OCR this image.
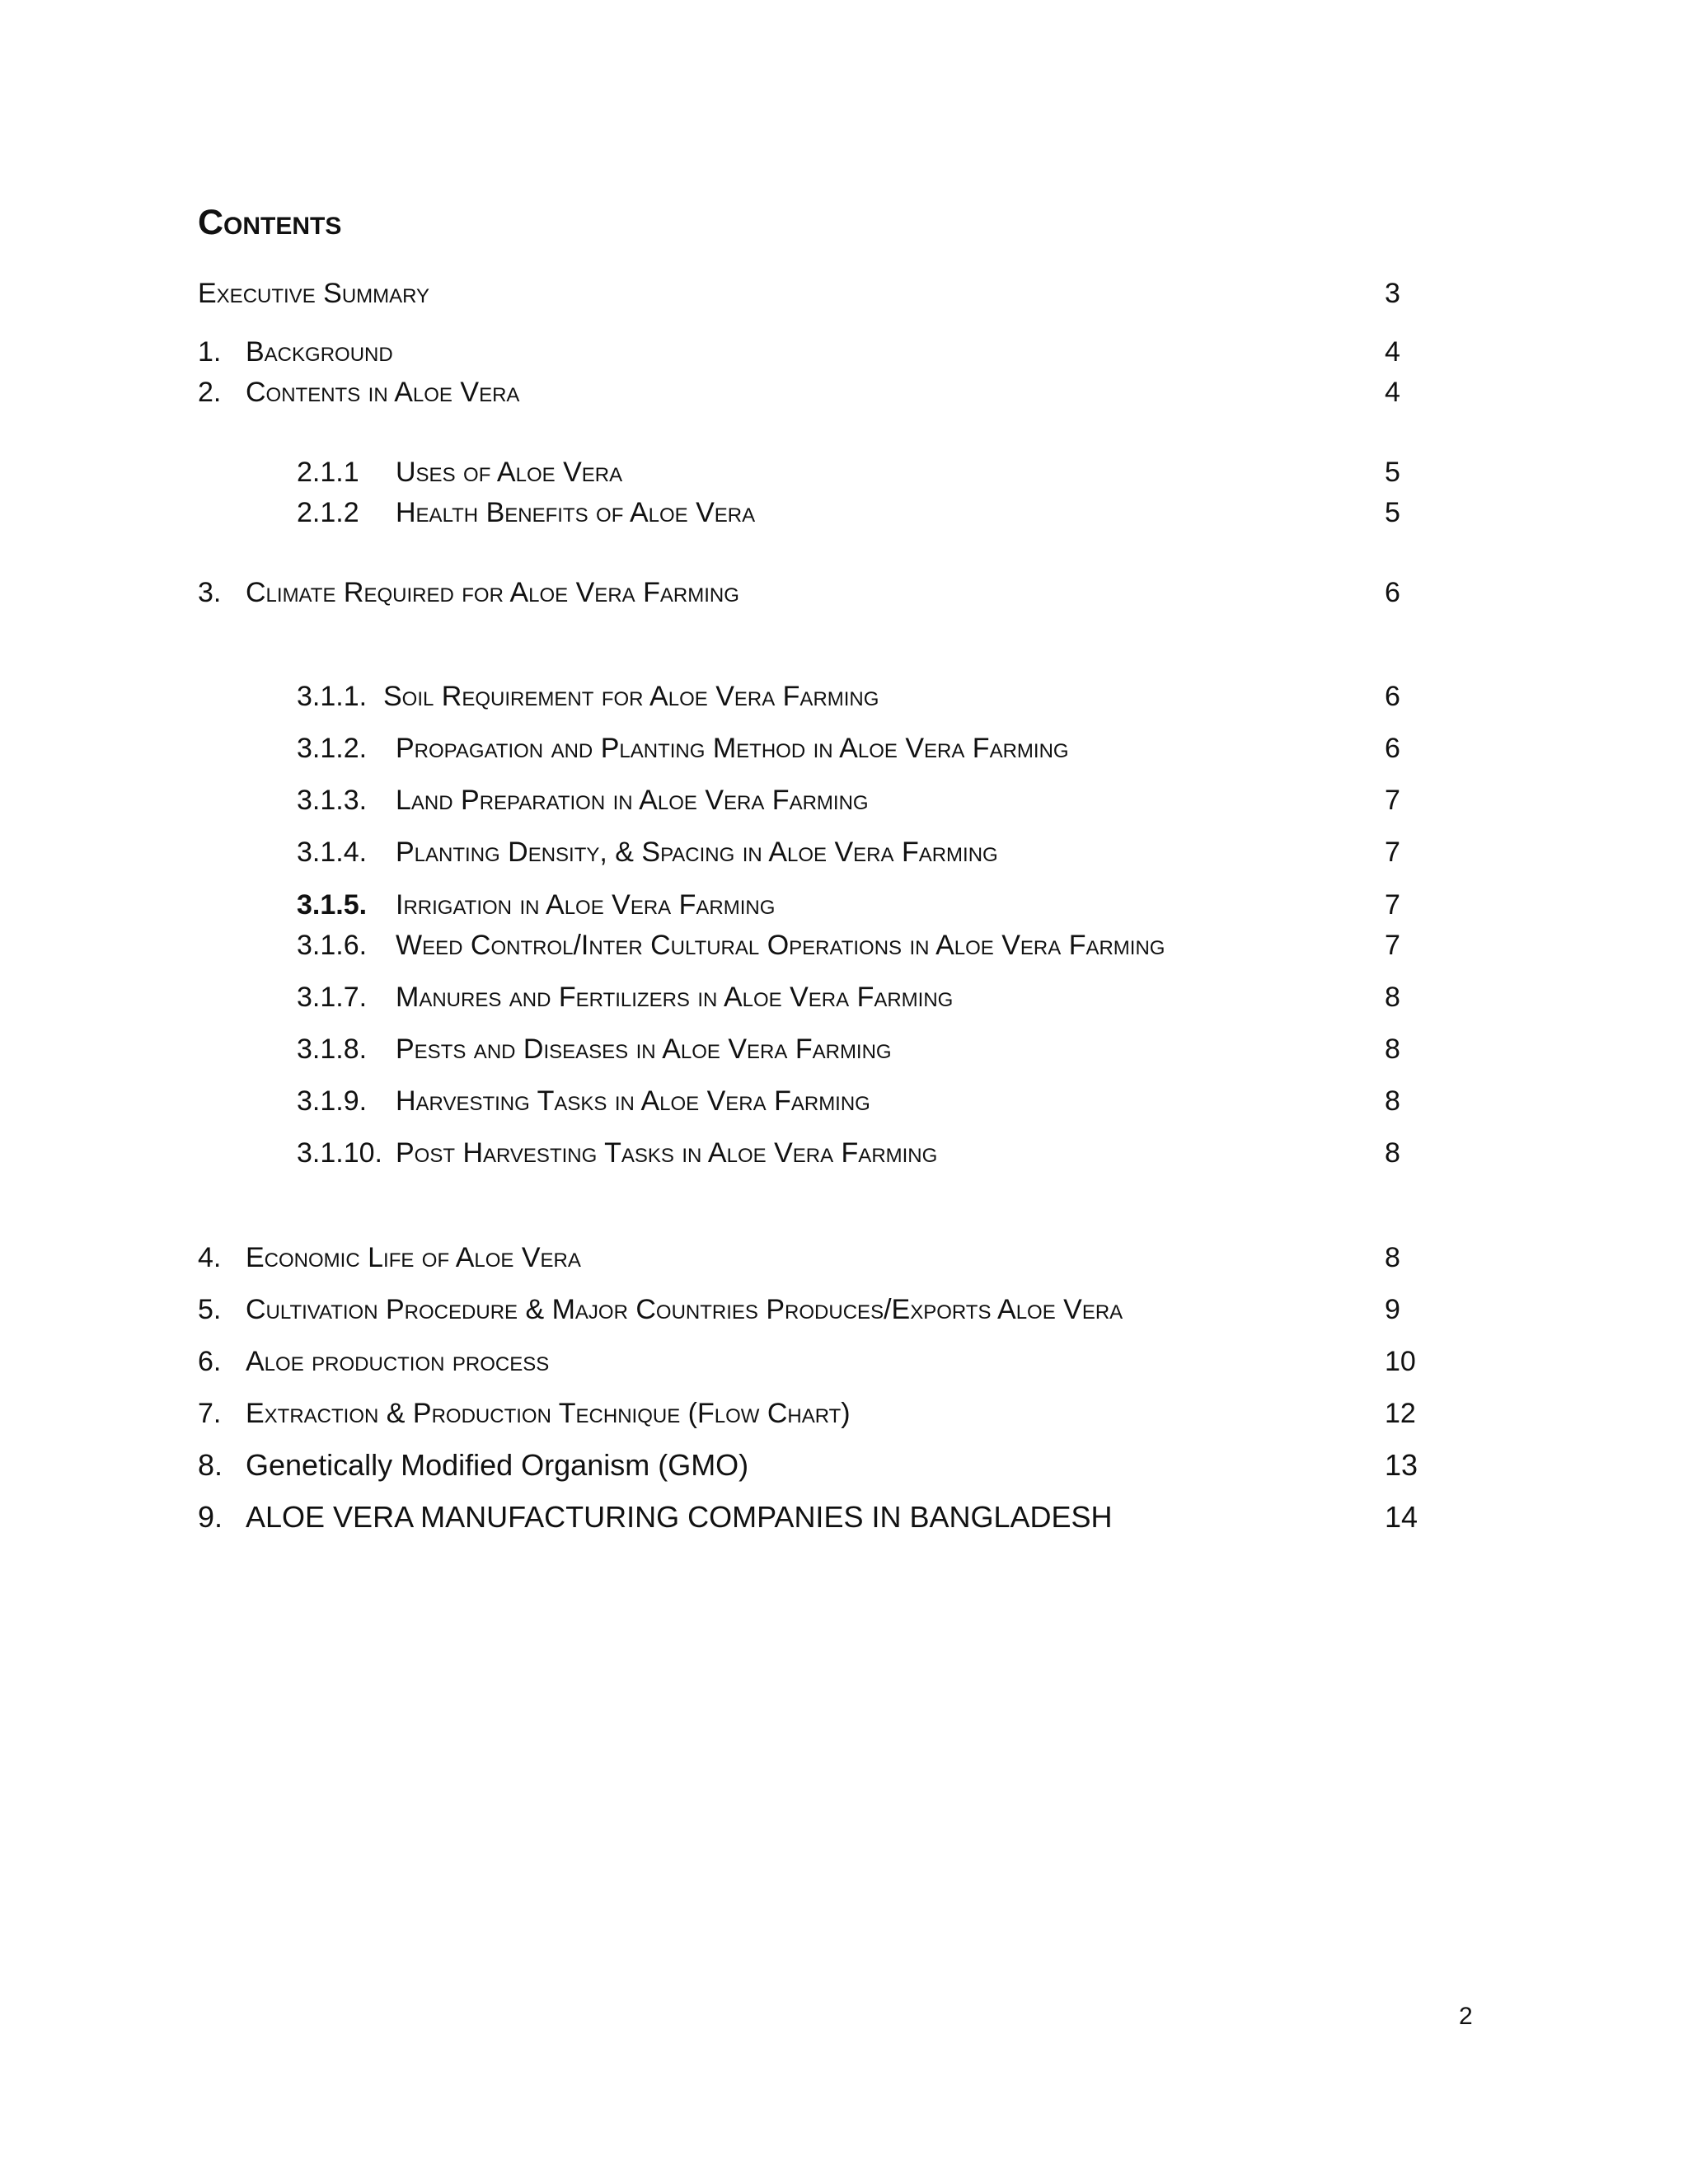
Contents
Executive Summary	3
1. Background	4
2. Contents in Aloe Vera	4
2.1.1 Uses of Aloe Vera	5
2.1.2 Health Benefits of Aloe Vera	5
3. Climate Required for Aloe Vera Farming	6
3.1.1. Soil Requirement for Aloe Vera Farming	6
3.1.2. Propagation and Planting Method in Aloe Vera Farming	6
3.1.3. Land Preparation in Aloe Vera Farming	7
3.1.4. Planting Density, & Spacing in Aloe Vera Farming	7
3.1.5. Irrigation in Aloe Vera Farming	7
3.1.6. Weed Control/Inter Cultural Operations in Aloe Vera Farming	7
3.1.7. Manures and Fertilizers in Aloe Vera Farming	8
3.1.8. Pests and Diseases in Aloe Vera Farming	8
3.1.9. Harvesting Tasks in Aloe Vera Farming	8
3.1.10. Post Harvesting Tasks in Aloe Vera Farming	8
4. Economic Life of Aloe Vera	8
5. Cultivation Procedure & Major Countries Produces/Exports Aloe Vera	9
6. Aloe production process	10
7. Extraction & Production Technique (Flow Chart)	12
8. Genetically Modified Organism (GMO)	13
9. ALOE VERA MANUFACTURING COMPANIES IN BANGLADESH	14
2
